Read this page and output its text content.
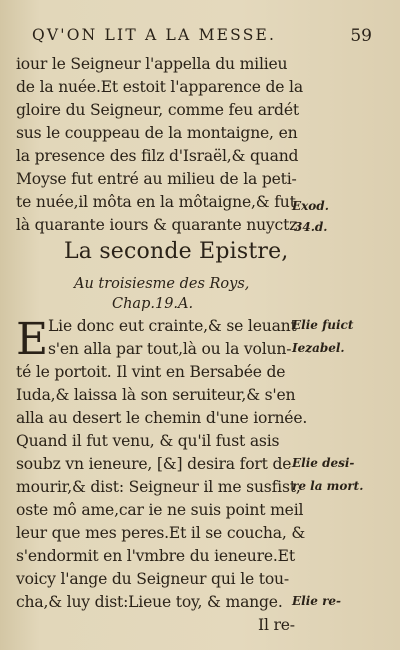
QV'ON LIT A LA MESSE.	59
iour le Seigneur l'appella du milieu
de la nuée.Et estoit l'apparence de la
gloire du Seigneur, comme feu ardét
sus le couppeau de la montaigne, en
la presence des filz d'Israël,& quand
Moyse fut entré au milieu de la peti-
te nuée,il môta en la môtaigne,& fut
là quarante iours & quarante nuyctz.
Exod.
34.d.
La seconde Epistre,
Au troisiesme des Roys,
Chap.19.A.
E Lie donc eut crainte,& se leuant
s'en alla par tout,là ou la volun-
té le portoit. Il vint en Bersabée de
Iuda,& laissa là son seruiteur,& s'en
alla au desert le chemin d'une iornée.
Quand il fut venu, & qu'il fust asis
soubz vn ieneure, [&] desira fort de
mourir,& dist: Seigneur il me susfist,
oste mô ame,car ie ne suis point meil
leur que mes peres.Et il se coucha, &
s'endormit en l'vmbre du ieneure.Et
voicy l'ange du Seigneur qui le tou-
cha,& luy dist:Lieue toy, & mange.
Il re-
Elie fuict
Iezabel.
Elie desi-
re la mort.
Elie re-
